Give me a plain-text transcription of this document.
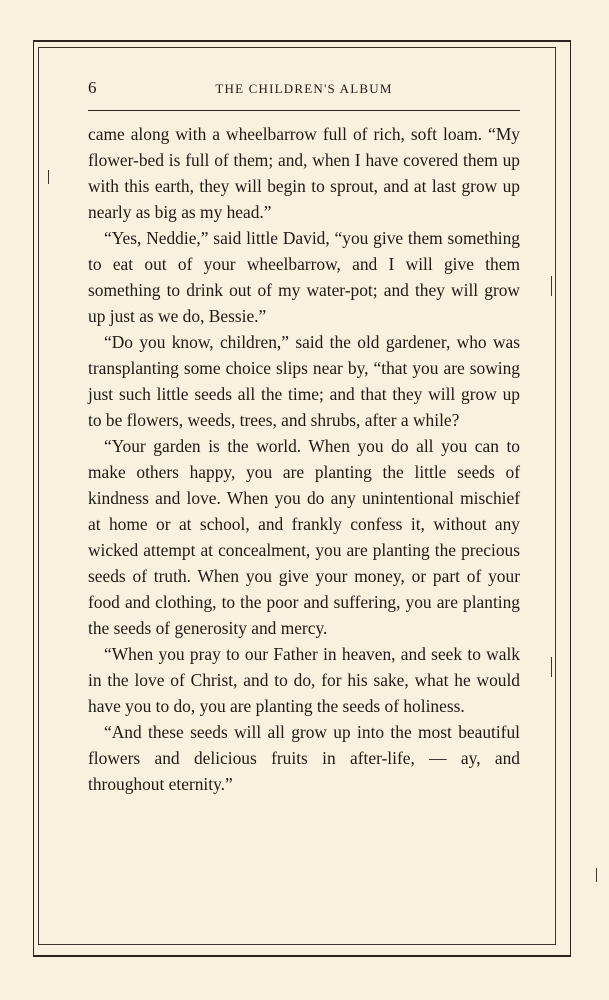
6	THE CHILDREN'S ALBUM

came along with a wheelbarrow full of rich, soft loam. “My flower-bed is full of them; and, when I have covered them up with this earth, they will begin to sprout, and at last grow up nearly as big as my head.”

“Yes, Neddie,” said little David, “you give them something to eat out of your wheelbarrow, and I will give them something to drink out of my water-pot; and they will grow up just as we do, Bessie.”

“Do you know, children,” said the old gardener, who was transplanting some choice slips near by, “that you are sowing just such little seeds all the time; and that they will grow up to be flowers, weeds, trees, and shrubs, after a while?

“Your garden is the world. When you do all you can to make others happy, you are planting the little seeds of kindness and love. When you do any unintentional mischief at home or at school, and frankly confess it, without any wicked attempt at concealment, you are planting the precious seeds of truth. When you give your money, or part of your food and clothing, to the poor and suffering, you are planting the seeds of generosity and mercy.

“When you pray to our Father in heaven, and seek to walk in the love of Christ, and to do, for his sake, what he would have you to do, you are planting the seeds of holiness.

“And these seeds will all grow up into the most beautiful flowers and delicious fruits in after-life, — ay, and throughout eternity.”
